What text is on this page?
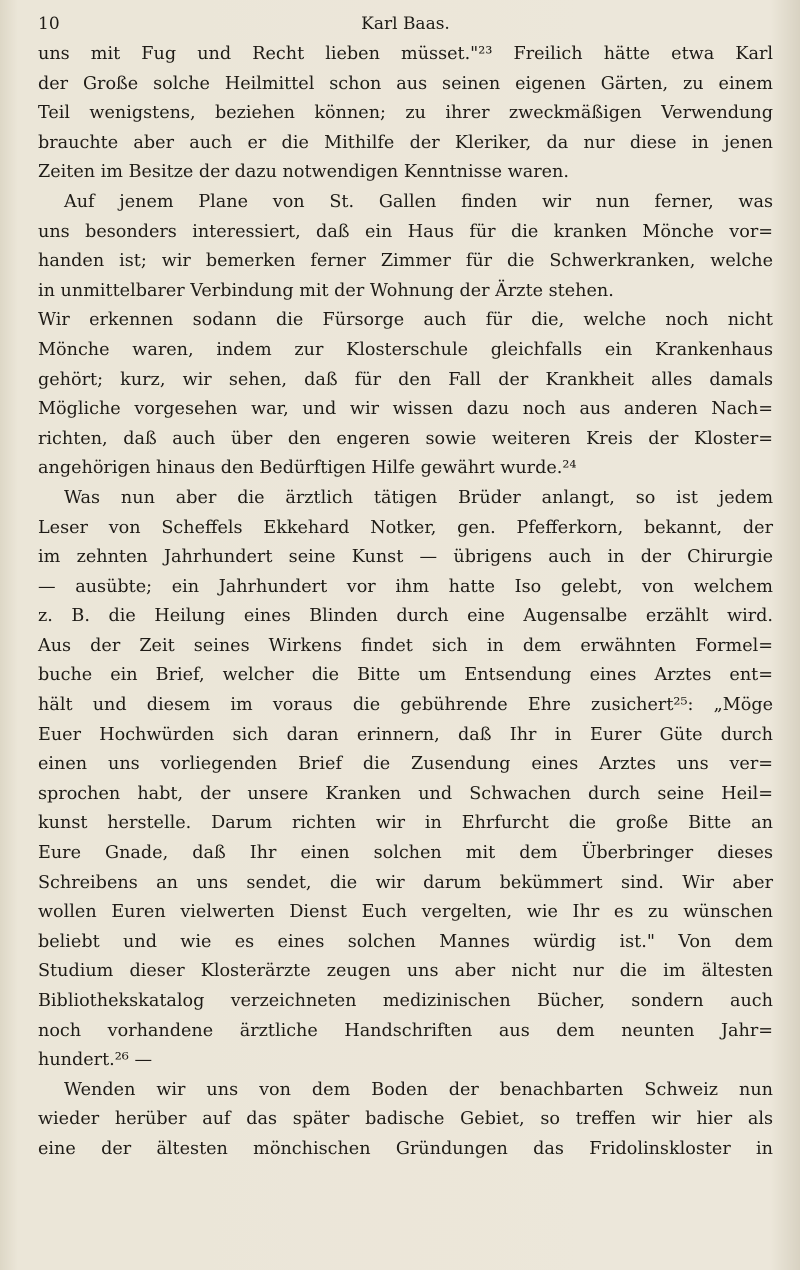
10	Karl Baas.
uns mit Fug und Recht lieben müsset."²³ Freilich hätte etwa Karl
der Große solche Heilmittel schon aus seinen eigenen Gärten, zu einem
Teil wenigstens, beziehen können; zu ihrer zweckmäßigen Verwendung
brauchte aber auch er die Mithilfe der Kleriker, da nur diese in jenen
Zeiten im Besitze der dazu notwendigen Kenntnisse waren.
Auf jenem Plane von St. Gallen finden wir nun ferner, was
uns besonders interessiert, daß ein Haus für die kranken Mönche vor=
handen ist; wir bemerken ferner Zimmer für die Schwerkranken, welche
in unmittelbarer Verbindung mit der Wohnung der Ärzte stehen.
Wir erkennen sodann die Fürsorge auch für die, welche noch nicht
Mönche waren, indem zur Klosterschule gleichfalls ein Krankenhaus
gehört; kurz, wir sehen, daß für den Fall der Krankheit alles damals
Mögliche vorgesehen war, und wir wissen dazu noch aus anderen Nach=
richten, daß auch über den engeren sowie weiteren Kreis der Kloster=
angehörigen hinaus den Bedürftigen Hilfe gewährt wurde.²⁴
Was nun aber die ärztlich tätigen Brüder anlangt, so ist jedem
Leser von Scheffels Ekkehard Notker, gen. Pfefferkorn, bekannt, der
im zehnten Jahrhundert seine Kunst — übrigens auch in der Chirurgie
— ausübte; ein Jahrhundert vor ihm hatte Iso gelebt, von welchem
z. B. die Heilung eines Blinden durch eine Augensalbe erzählt wird.
Aus der Zeit seines Wirkens findet sich in dem erwähnten Formel=
buche ein Brief, welcher die Bitte um Entsendung eines Arztes ent=
hält und diesem im voraus die gebührende Ehre zusichert²⁵: „Möge
Euer Hochwürden sich daran erinnern, daß Ihr in Eurer Güte durch
einen uns vorliegenden Brief die Zusendung eines Arztes uns ver=
sprochen habt, der unsere Kranken und Schwachen durch seine Heil=
kunst herstelle. Darum richten wir in Ehrfurcht die große Bitte an
Eure Gnade, daß Ihr einen solchen mit dem Überbringer dieses
Schreibens an uns sendet, die wir darum bekümmert sind. Wir aber
wollen Euren vielwerten Dienst Euch vergelten, wie Ihr es zu wünschen
beliebt und wie es eines solchen Mannes würdig ist." Von dem
Studium dieser Klosterärzte zeugen uns aber nicht nur die im ältesten
Bibliothekskatalog verzeichneten medizinischen Bücher, sondern auch
noch vorhandene ärztliche Handschriften aus dem neunten Jahr=
hundert.²⁶ —
Wenden wir uns von dem Boden der benachbarten Schweiz nun
wieder herüber auf das später badische Gebiet, so treffen wir hier als
eine der ältesten mönchischen Gründungen das Fridolinskloster in
